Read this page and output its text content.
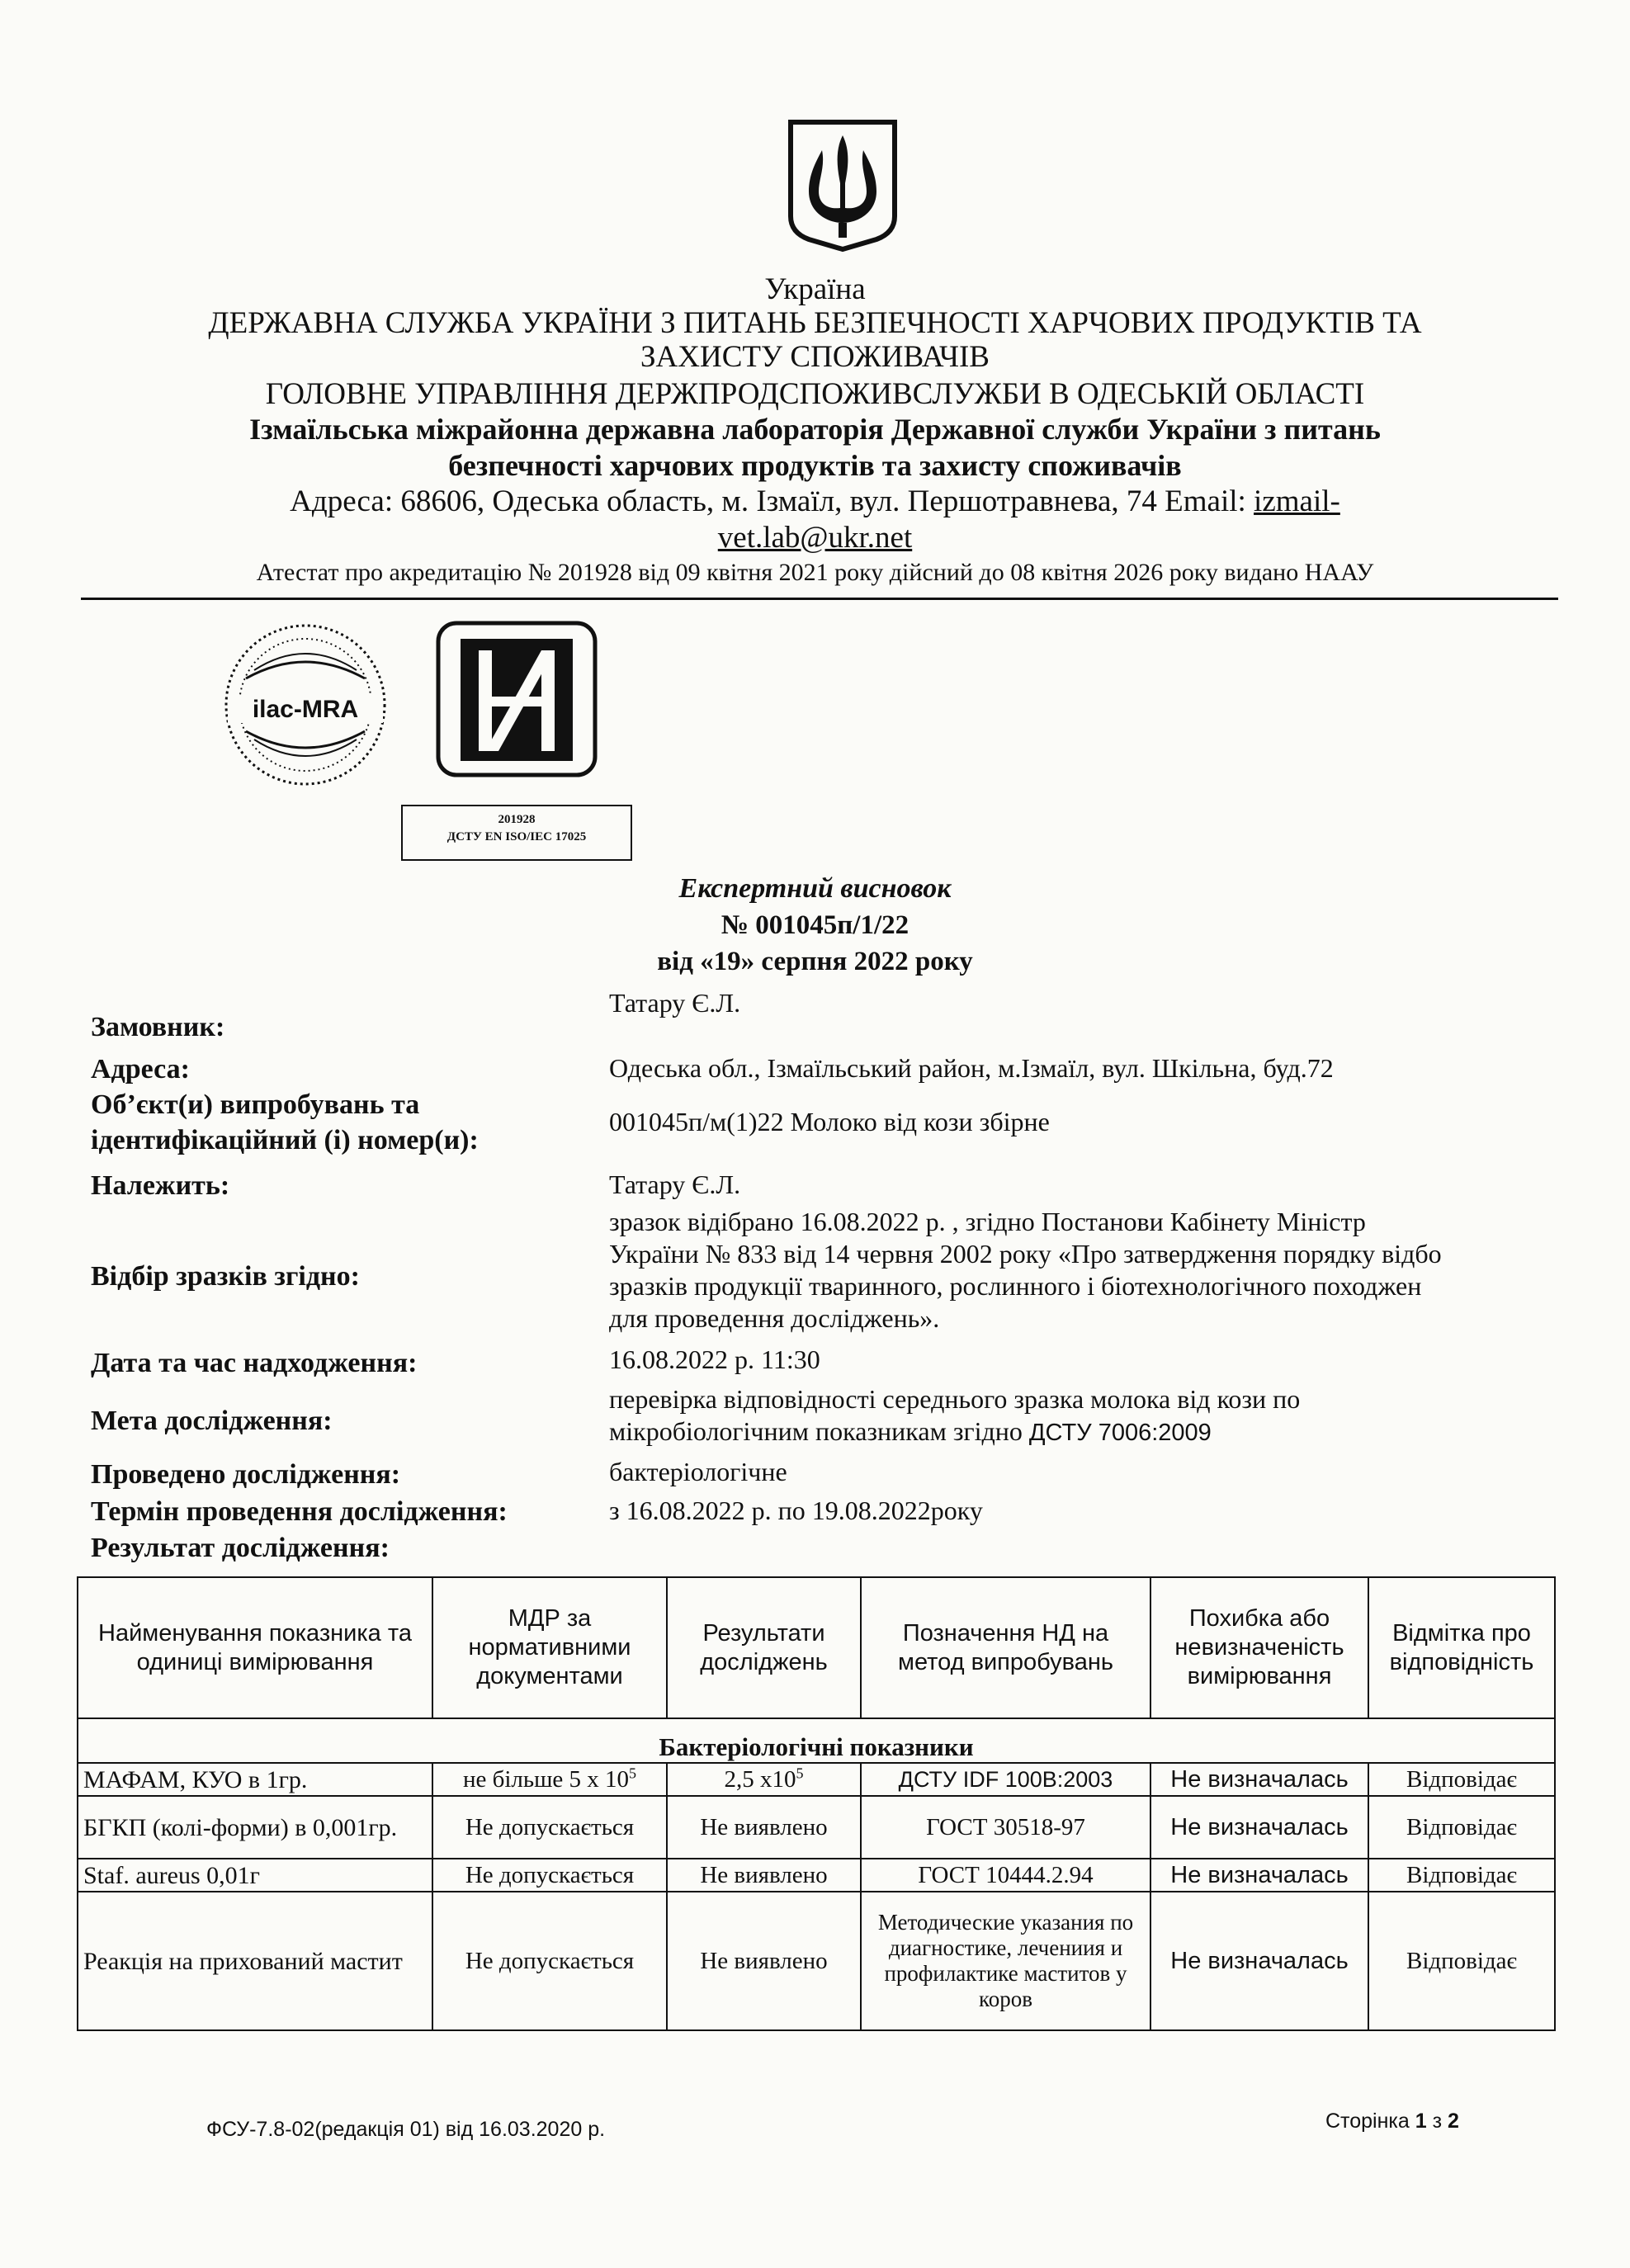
Україна
ДЕРЖАВНА СЛУЖБА УКРАЇНИ З ПИТАНЬ БЕЗПЕЧНОСТІ ХАРЧОВИХ ПРОДУКТІВ ТА
ЗАХИСТУ СПОЖИВАЧІВ
ГОЛОВНЕ УПРАВЛІННЯ ДЕРЖПРОДСПОЖИВСЛУЖБИ В ОДЕСЬКІЙ ОБЛАСТІ
Ізмаїльська міжрайонна державна лабораторія Державної служби України з питань
безпечності харчових продуктів та захисту споживачів
Адреса: 68606, Одеська область, м. Ізмаїл, вул. Першотравнева, 74 Email: izmail-
vet.lab@ukr.net
Атестат про акредитацію № 201928 від 09 квітня 2021 року дійсний до 08 квітня 2026 року видано НААУ
ilac-MRA
201928
ДСТУ EN ISO/IEC 17025
Експертний висновок
№ 001045п/1/22
від «19» серпня 2022 року
Замовник:
Татару Є.Л.
Адреса:	Одеська обл., Ізмаїльський район, м.Ізмаїл, вул. Шкільна, буд.72
Об’єкт(и) випробувань та
ідентифікаційний (і) номер(и):
001045п/м(1)22 Молоко від кози збірне
Належить:	Татару Є.Л.
Відбір зразків згідно:
зразок відібрано 16.08.2022 р. , згідно Постанови Кабінету Міністр
України № 833 від 14 червня 2002 року «Про затвердження порядку відбо
зразків продукції тваринного, рослинного і біотехнологічного походжен
для проведення досліджень».
Дата та час надходження:	16.08.2022 р. 11:30
Мета дослідження:
перевірка відповідності середнього зразка молока від кози по
мікробіологічним показникам згідно ДСТУ 7006:2009
Проведено дослідження:	бактеріологічне
Термін проведення дослідження:	з 16.08.2022 р. по 19.08.2022року
Результат дослідження:
Найменування показника та одиниці вимірювання	МДР за нормативними документами	Результати досліджень	Позначення НД на метод випробувань	Похибка або невизначеність вимірювання	Відмітка про відповідність
Бактеріологічні показники					
МАФАМ, КУО в 1гр.	не більше 5 х $10^5$	2,5 $х10^5$	ДСТУ IDF 100B:2003	Не визначалась	Відповідає
БГКП (колі-форми) в 0,001гр.	Не допускається	Не виявлено	ГОСТ 30518-97	Не визначалась	Відповідає
Staf. aureus 0,01г	Не допускається	Не виявлено	ГОСТ 10444.2.94	Не визначалась	Відповідає
Реакція на прихований мастит	Не допускається	Не виявлено	Методические указания по диагностике, лечениия и профилактике маститов у коров	Не визначалась	Відповідає
ФСУ-7.8-02(редакція 01) від 16.03.2020 р.	Сторінка 1 з 2
